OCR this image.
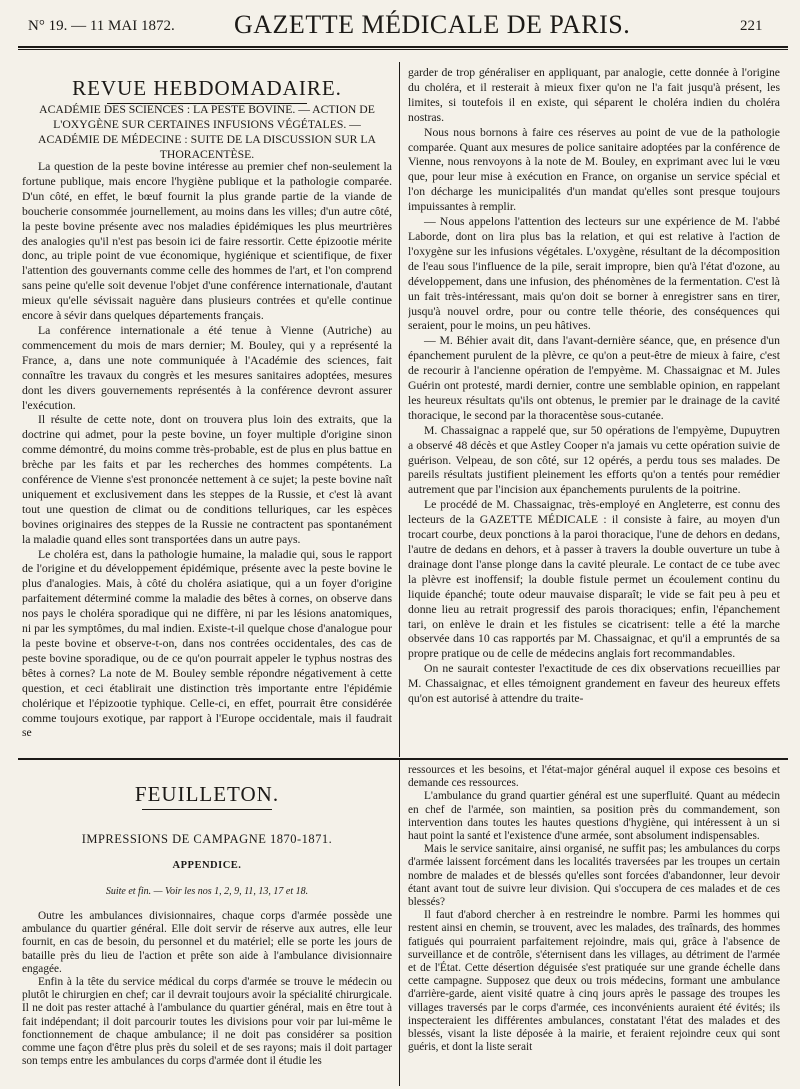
N° 19. — 11 MAI 1872. GAZETTE MÉDICALE DE PARIS.	221
REVUE HEBDOMADAIRE.
ACADÉMIE DES SCIENCES : LA PESTE BOVINE. — ACTION DE L'OXYGÈNE SUR CERTAINES INFUSIONS VÉGÉTALES. — ACADÉMIE DE MÉDECINE : SUITE DE LA DISCUSSION SUR LA THORACENTÈSE.

La question de la peste bovine intéresse au premier chef non-seulement la fortune publique, mais encore l'hygiène publique et la pathologie comparée. D'un côté, en effet, le bœuf fournit la plus grande partie de la viande de boucherie consommée journellement, au moins dans les villes; d'un autre côté, la peste bovine présente avec nos maladies épidémiques les plus meurtrières des analogies qu'il n'est pas besoin ici de faire ressortir. Cette épizootie mérite donc, au triple point de vue économique, hygiénique et scientifique, de fixer l'attention des gouvernants comme celle des hommes de l'art, et l'on comprend sans peine qu'elle soit devenue l'objet d'une conférence internationale, d'autant mieux qu'elle sévissait naguère dans plusieurs contrées et qu'elle continue encore à sévir dans quelques départements français.

La conférence internationale a été tenue à Vienne (Autriche) au commencement du mois de mars dernier; M. Bouley, qui y a représenté la France, a, dans une note communiquée à l'Académie des sciences, fait connaître les travaux du congrès et les mesures sanitaires adoptées, mesures dont les divers gouvernements représentés à la conférence devront assurer l'exécution.

Il résulte de cette note, dont on trouvera plus loin des extraits, que la doctrine qui admet, pour la peste bovine, un foyer multiple d'origine sinon comme démontré, du moins comme très-probable, est de plus en plus battue en brèche par les faits et par les recherches des hommes compétents. La conférence de Vienne s'est prononcée nettement à ce sujet; la peste bovine naît uniquement et exclusivement dans les steppes de la Russie, et c'est là avant tout une question de climat ou de conditions telluriques, car les espèces bovines originaires des steppes de la Russie ne contractent pas spontanément la maladie quand elles sont transportées dans un autre pays.

Le choléra est, dans la pathologie humaine, la maladie qui, sous le rapport de l'origine et du développement épidémique, présente avec la peste bovine le plus d'analogies. Mais, à côté du choléra asiatique, qui a un foyer d'origine parfaitement déterminé comme la maladie des bêtes à cornes, on observe dans nos pays le choléra sporadique qui ne diffère, ni par les lésions anatomiques, ni par les symptômes, du mal indien. Existe-t-il quelque chose d'analogue pour la peste bovine et observe-t-on, dans nos contrées occidentales, des cas de peste bovine sporadique, ou de ce qu'on pourrait appeler le typhus nostras des bêtes à cornes? La note de M. Bouley semble répondre négativement à cette question, et ceci établirait une distinction très importante entre l'épidémie cholérique et l'épizootie typhique. Celle-ci, en effet, pourrait être considérée comme toujours exotique, par rapport à l'Europe occidentale, mais il faudrait se

garder de trop généraliser en appliquant, par analogie, cette donnée à l'origine du choléra, et il resterait à mieux fixer qu'on ne l'a fait jusqu'à présent, les limites, si toutefois il en existe, qui séparent le choléra indien du choléra nostras.

Nous nous bornons à faire ces réserves au point de vue de la pathologie comparée. Quant aux mesures de police sanitaire adoptées par la conférence de Vienne, nous renvoyons à la note de M. Bouley, en exprimant avec lui le vœu que, pour leur mise à exécution en France, on organise un service spécial et l'on décharge les municipalités d'un mandat qu'elles sont presque toujours impuissantes à remplir.

— Nous appelons l'attention des lecteurs sur une expérience de M. l'abbé Laborde, dont on lira plus bas la relation, et qui est relative à l'action de l'oxygène sur les infusions végétales. L'oxygène, résultant de la décomposition de l'eau sous l'influence de la pile, serait impropre, bien qu'à l'état d'ozone, au développement, dans une infusion, des phénomènes de la fermentation. C'est là un fait très-intéressant, mais qu'on doit se borner à enregistrer sans en tirer, jusqu'à nouvel ordre, pour ou contre telle théorie, des conséquences qui seraient, pour le moins, un peu hâtives.

— M. Béhier avait dit, dans l'avant-dernière séance, que, en présence d'un épanchement purulent de la plèvre, ce qu'on a peut-être de mieux à faire, c'est de recourir à l'ancienne opération de l'empyème. M. Chassaignac et M. Jules Guérin ont protesté, mardi dernier, contre une semblable opinion, en rappelant les heureux résultats qu'ils ont obtenus, le premier par le drainage de la cavité thoracique, le second par la thoracentèse sous-cutanée.

M. Chassaignac a rappelé que, sur 50 opérations de l'empyème, Dupuytren a observé 48 décès et que Astley Cooper n'a jamais vu cette opération suivie de guérison. Velpeau, de son côté, sur 12 opérés, a perdu tous ses malades. De pareils résultats justifient pleinement les efforts qu'on a tentés pour remédier autrement que par l'incision aux épanchements purulents de la poitrine.

Le procédé de M. Chassaignac, très-employé en Angleterre, est connu des lecteurs de la GAZETTE MÉDICALE : il consiste à faire, au moyen d'un trocart courbe, deux ponctions à la paroi thoracique, l'une de dehors en dedans, l'autre de dedans en dehors, et à passer à travers la double ouverture un tube à drainage dont l'anse plonge dans la cavité pleurale. Le contact de ce tube avec la plèvre est inoffensif; la double fistule permet un écoulement continu du liquide épanché; toute odeur mauvaise disparaît; le vide se fait peu à peu et donne lieu au retrait progressif des parois thoraciques; enfin, l'épanchement tari, on enlève le drain et les fistules se cicatrisent: telle a été la marche observée dans 10 cas rapportés par M. Chassaignac, et qu'il a empruntés de sa propre pratique ou de celle de médecins anglais fort recommandables.

On ne saurait contester l'exactitude de ces dix observations recueillies par M. Chassaignac, et elles témoignent grandement en faveur des heureux effets qu'on est autorisé à attendre du traite-

FEUILLETON.
IMPRESSIONS DE CAMPAGNE 1870-1871.
APPENDICE.
Suite et fin. — Voir les nos 1, 2, 9, 11, 13, 17 et 18.

Outre les ambulances divisionnaires, chaque corps d'armée possède une ambulance du quartier général. Elle doit servir de réserve aux autres, elle leur fournit, en cas de besoin, du personnel et du matériel; elle se porte les jours de bataille près du lieu de l'action et prête son aide à l'ambulance divisionnaire engagée.

Enfin à la tête du service médical du corps d'armée se trouve le médecin ou plutôt le chirurgien en chef; car il devrait toujours avoir la spécialité chirurgicale. Il ne doit pas rester attaché à l'ambulance du quartier général, mais en être tout à fait indépendant; il doit parcourir toutes les divisions pour voir par lui-même le fonctionnement de chaque ambulance; il ne doit pas considérer sa position comme une façon d'être plus près du soleil et de ses rayons; mais il doit partager son temps entre les ambulances du corps d'armée dont il étudie les

ressources et les besoins, et l'état-major général auquel il expose ces besoins et demande ces ressources.

L'ambulance du grand quartier général est une superfluité. Quant au médecin en chef de l'armée, son maintien, sa position près du commandement, son intervention dans toutes les hautes questions d'hygiène, qui intéressent à un si haut point la santé et l'existence d'une armée, sont absolument indispensables.

Mais le service sanitaire, ainsi organisé, ne suffit pas; les ambulances du corps d'armée laissent forcément dans les localités traversées par les troupes un certain nombre de malades et de blessés qu'elles sont forcées d'abandonner, leur devoir étant avant tout de suivre leur division. Qui s'occupera de ces malades et de ces blessés?

Il faut d'abord chercher à en restreindre le nombre. Parmi les hommes qui restent ainsi en chemin, se trouvent, avec les malades, des traînards, des hommes fatigués qui pourraient parfaitement rejoindre, mais qui, grâce à l'absence de surveillance et de contrôle, s'éternisent dans les villages, au détriment de l'armée et de l'État. Cette désertion déguisée s'est pratiquée sur une grande échelle dans cette campagne. Supposez que deux ou trois médecins, formant une ambulance d'arrière-garde, aient visité quatre à cinq jours après le passage des troupes les villages traversés par le corps d'armée, ces inconvénients auraient été évités; ils inspecteraient les différentes ambulances, constatant l'état des malades et des blessés, visant la liste déposée à la mairie, et feraient rejoindre ceux qui sont guéris, et dont la liste serait
